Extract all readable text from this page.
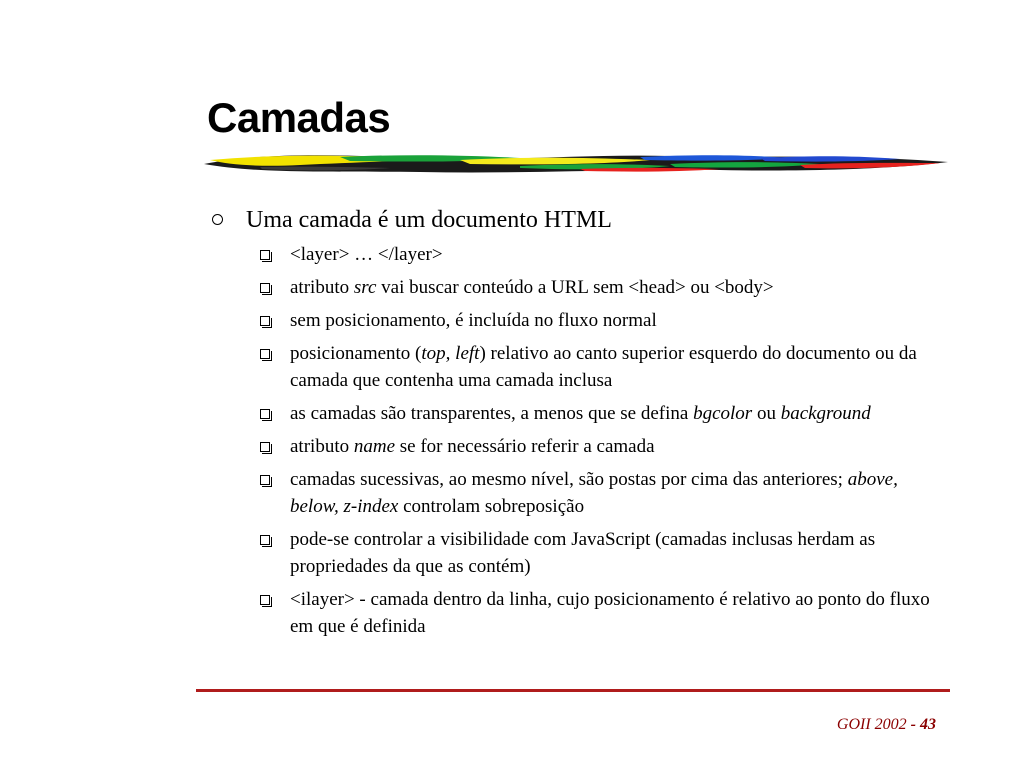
Camadas
Uma camada é um documento HTML
<layer> … </layer>
atributo src vai buscar conteúdo a URL sem <head> ou <body>
sem posicionamento, é incluída no fluxo normal
posicionamento (top, left) relativo ao canto superior esquerdo do documento ou da camada que contenha uma camada inclusa
as camadas são transparentes, a menos que se defina bgcolor ou background
atributo name se for necessário referir a camada
camadas sucessivas, ao mesmo nível, são postas por cima das anteriores; above, below, z-index controlam sobreposição
pode-se controlar a visibilidade com JavaScript (camadas inclusas herdam as propriedades da que as contém)
<ilayer> - camada dentro da linha, cujo posicionamento é relativo ao ponto do fluxo em que é definida
GOII 2002 - 43
